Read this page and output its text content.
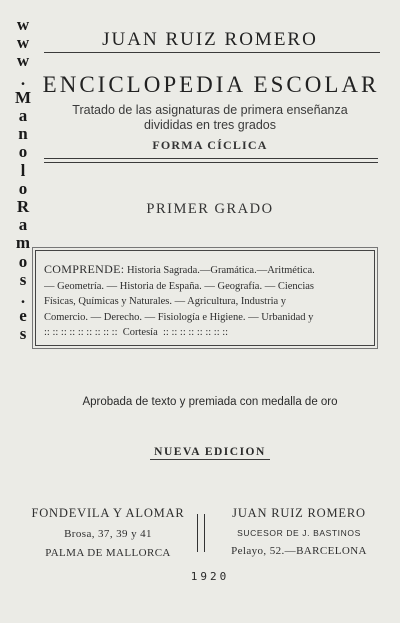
w
w
w
.
M
a
n
o
l
o
R
a
m
o
s
.
e
s
JUAN RUIZ ROMERO
ENCICLOPEDIA ESCOLAR
Tratado de las asignaturas de primera enseñanza
divididas en tres grados
FORMA CÍCLICA
PRIMER GRADO
COMPRENDE: Historia Sagrada.—Gramática.—Aritmética.
— Geometría. — Historia de España. — Geografía. — Ciencias
Físicas, Químicas y Naturales. — Agricultura, Industria y
Comercio. — Derecho. — Fisiología e Higiene. — Urbanidad y
:: :: :: :: :: :: :: :: :: Cortesía :: :: :: :: :: :: :: ::
Aprobada de texto y premiada con medalla de oro
NUEVA EDICION
FONDEVILA Y ALOMAR
Brosa, 37, 39 y 41
PALMA DE MALLORCA
JUAN RUIZ ROMERO
SUCESOR DE J. BASTINOS
Pelayo, 52.—BARCELONA
1920
